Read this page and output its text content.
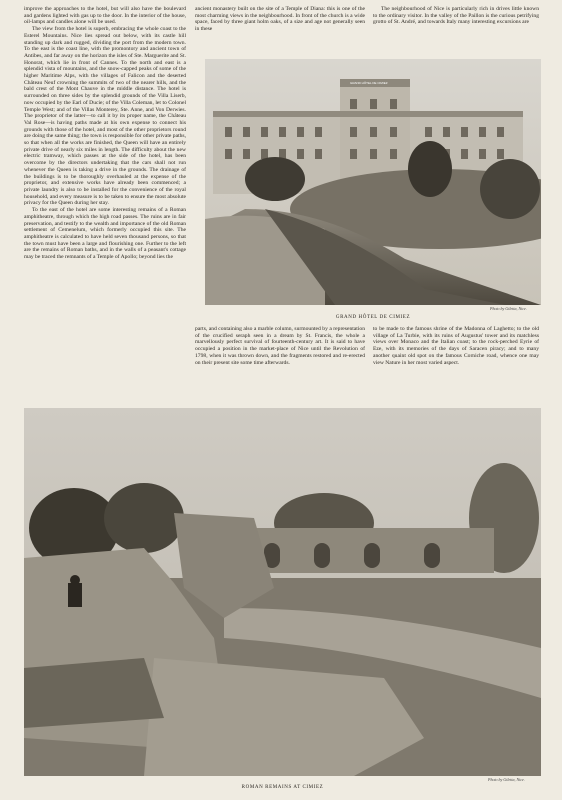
improve the approaches to the hotel, but will also have the boulevard and gardens lighted with gas up to the door. In the interior of the house, oil-lamps and candles alone will be used.

The view from the hotel is superb, embracing the whole coast to the Esterel Mountains. Nice lies spread out below, with its castle hill standing up dark and rugged, dividing the port from the modern town. To the east is the coast line, with the promontory and ancient town of Antibes, and far away on the horizon the isles of Ste. Marguerite and St. Honorat, which lie in front of Cannes. To the north and east is a splendid vista of mountains, and the snow-capped peaks of some of the higher Maritime Alps, with the villages of Falicon and the deserted Château Neuf crowning the summits of two of the nearer hills, and the bald crest of the Mont Chauve in the middle distance. The hotel is surrounded on three sides by the splendid grounds of the Villa Liserb, now occupied by the Earl of Ducie; of the Villa Coleman, let to Colonel Temple West; and of the Villas Monterey, Ste. Anne, and Von Derwies. The proprietor of the latter—to call it by its proper name, the Château Val Rose—is having paths made at his own expense to connect his grounds with those of the hotel, and most of the other proprietors round are doing the same thing; the town is responsible for other private paths, so that when all the works are finished, the Queen will have an entirely private drive of nearly six miles in length. The difficulty about the new electric tramway, which passes at the side of the hotel, has been overcome by the directors undertaking that the cars shall not run whenever the Queen is taking a drive in the grounds. The drainage of the buildings is to be thoroughly overhauled at the expense of the proprietor, and extensive works have already been commenced; a private laundry is also to be installed for the convenience of the royal household, and every measure is to be taken to ensure the most absolute privacy for the Queen during her stay.

To the east of the hotel are some interesting remains of a Roman amphitheatre, through which the high road passes. The ruins are in fair preservation, and testify to the wealth and importance of the old Roman settlement of Cemenelum, which formerly occupied this site. The amphitheatre is calculated to have held seven thousand persons, so that the town must have been a large and flourishing one. Further to the left are the remains of Roman baths, and in the walls of a peasant's cottage may be traced the remnants of a Temple of Apollo; beyond lies the

ancient monastery built on the site of a Temple of Diana: this is one of the most charming views in the neighbourhood. In front of the church is a wide space, faced by three giant holm oaks, of a size and age not generally seen in these

The neighbourhood of Nice is particularly rich in drives little known to the ordinary visitor. In the valley of the Paillon is the curious petrifying grotto of St. André, and towards Italy many interesting excursions are

GRAND HÔTEL DE CIMIEZ
Photo by Giletta, Nice.
GRAND HÔTEL DE CIMIEZ

parts, and containing also a marble column, surmounted by a representation of the crucified seraph seen in a dream by St. Francis, the whole a marvellously perfect survival of fourteenth-century art. It is said to have occupied a position in the market-place of Nice until the Revolution of 1798, when it was thrown down, and the fragments restored and re-erected on their present site some time afterwards.

to be made to the famous shrine of the Madonna of Laghetto; to the old village of La Turbie, with its ruins of Augustus' tower and its matchless views over Monaco and the Italian coast; to the rock-perched Eyrie of Eze, with its memories of the days of Saracen piracy; and to many another quaint old spot on the famous Corniche road, whence one may view Nature in her most varied aspect.

Photo by Giletta, Nice.
ROMAN REMAINS AT CIMIEZ
